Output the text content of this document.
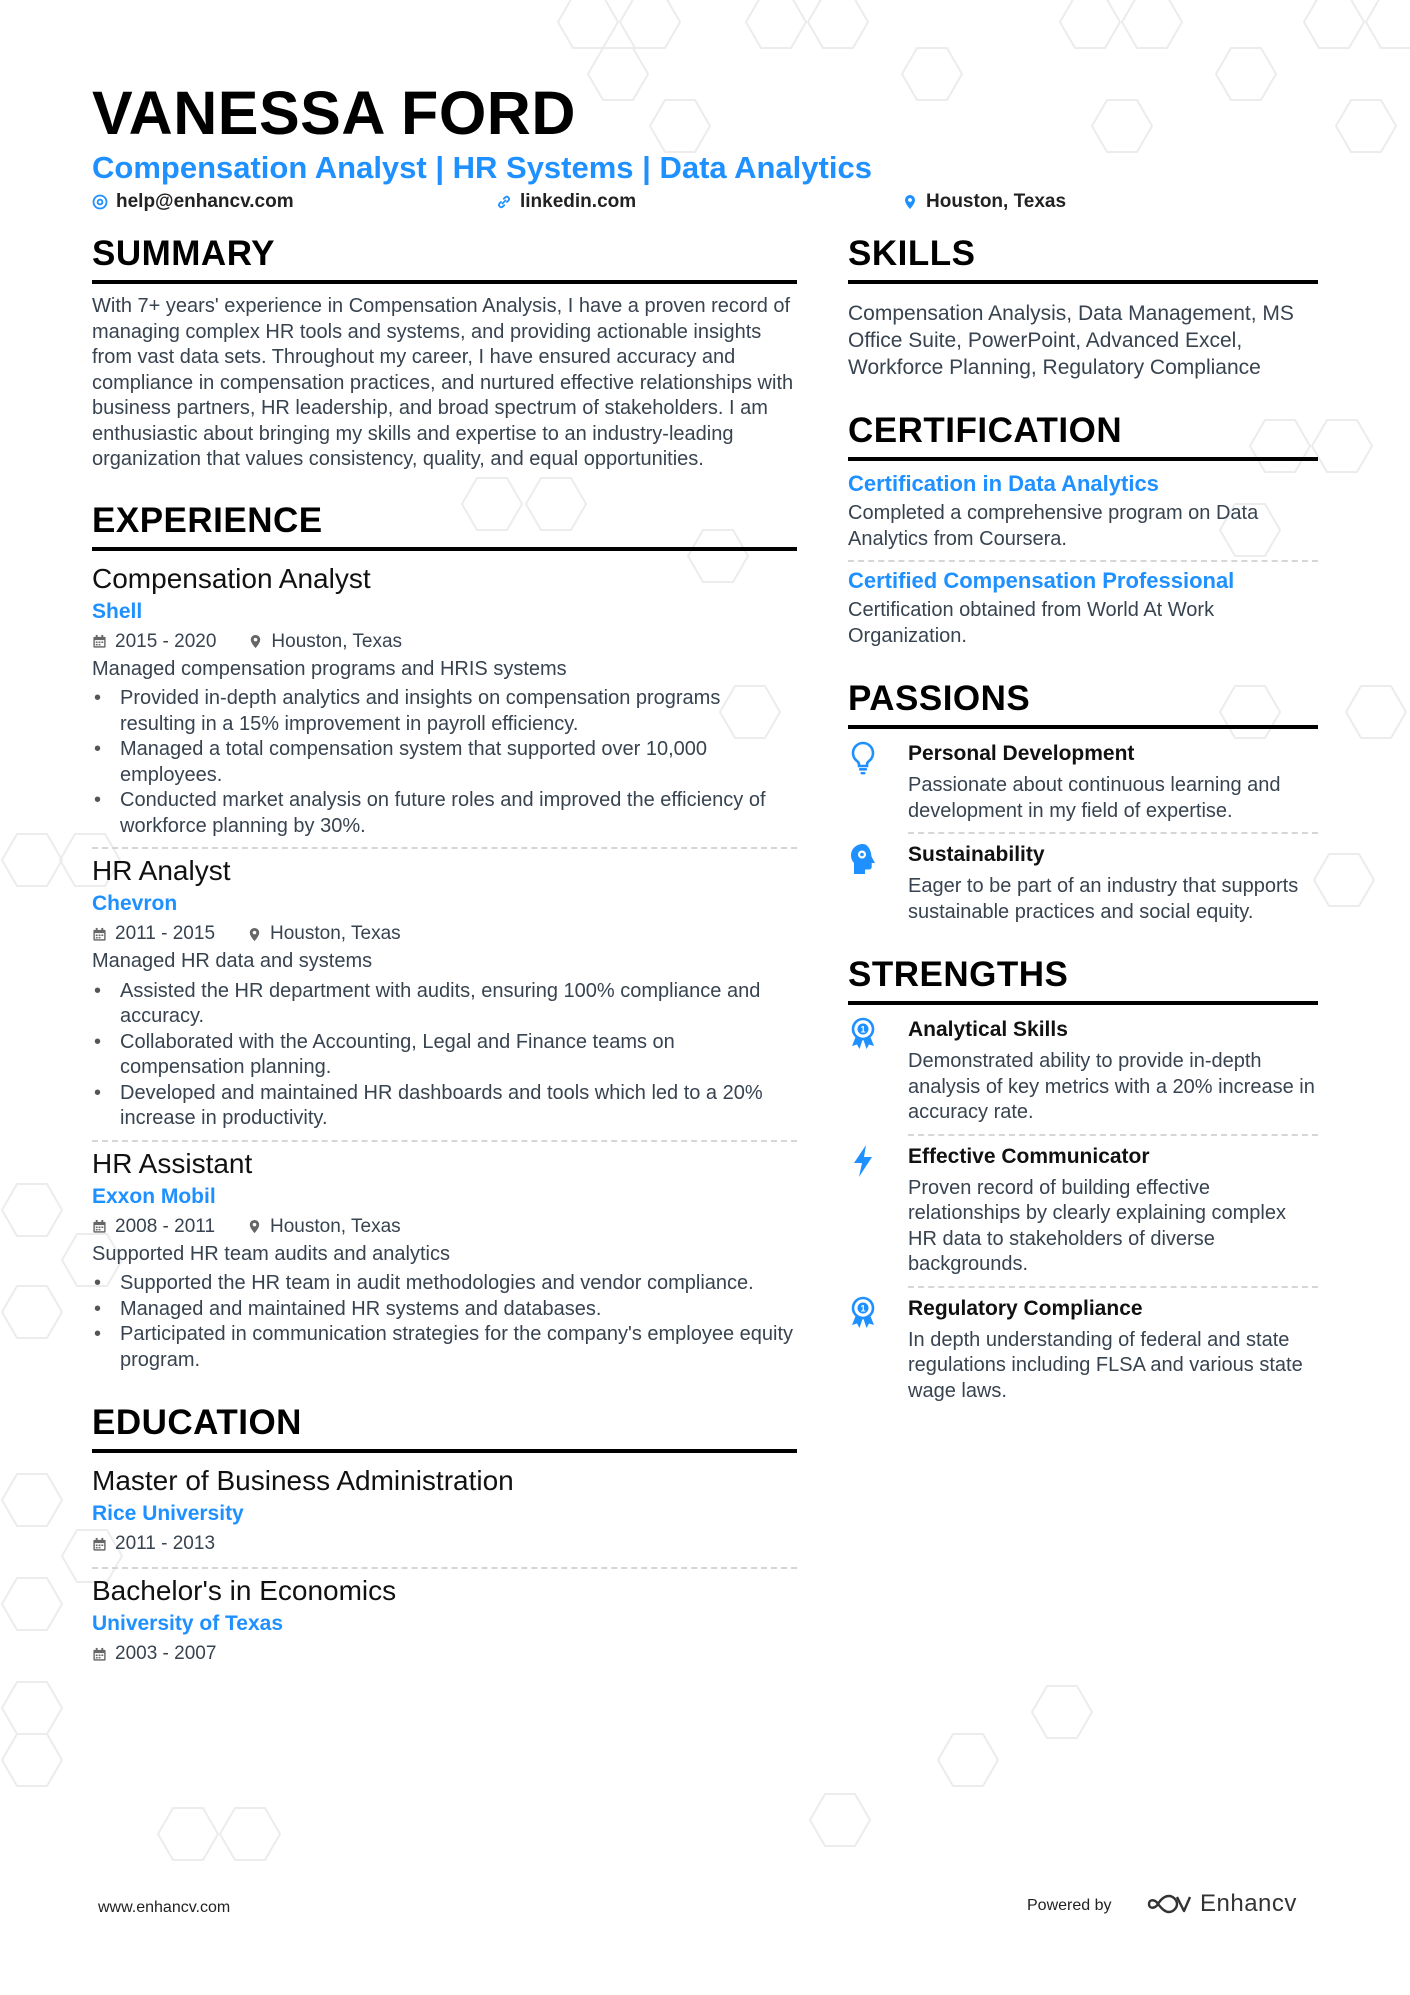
VANESSA FORD
Compensation Analyst | HR Systems | Data Analytics
help@enhancv.com	linkedin.com	Houston, Texas
SUMMARY
With 7+ years' experience in Compensation Analysis, I have a proven record of managing complex HR tools and systems, and providing actionable insights from vast data sets. Throughout my career, I have ensured accuracy and compliance in compensation practices, and nurtured effective relationships with business partners, HR leadership, and broad spectrum of stakeholders. I am enthusiastic about bringing my skills and expertise to an industry-leading organization that values consistency, quality, and equal opportunities.
EXPERIENCE
Compensation Analyst
Shell
2015 - 2020	Houston, Texas
Managed compensation programs and HRIS systems
• Provided in-depth analytics and insights on compensation programs resulting in a 15% improvement in payroll efficiency.
• Managed a total compensation system that supported over 10,000 employees.
• Conducted market analysis on future roles and improved the efficiency of workforce planning by 30%.
HR Analyst
Chevron
2011 - 2015	Houston, Texas
Managed HR data and systems
• Assisted the HR department with audits, ensuring 100% compliance and accuracy.
• Collaborated with the Accounting, Legal and Finance teams on compensation planning.
• Developed and maintained HR dashboards and tools which led to a 20% increase in productivity.
HR Assistant
Exxon Mobil
2008 - 2011	Houston, Texas
Supported HR team audits and analytics
• Supported the HR team in audit methodologies and vendor compliance.
• Managed and maintained HR systems and databases.
• Participated in communication strategies for the company's employee equity program.
EDUCATION
Master of Business Administration
Rice University
2011 - 2013
Bachelor's in Economics
University of Texas
2003 - 2007
SKILLS
Compensation Analysis, Data Management, MS Office Suite, PowerPoint, Advanced Excel, Workforce Planning, Regulatory Compliance
CERTIFICATION
Certification in Data Analytics
Completed a comprehensive program on Data Analytics from Coursera.
Certified Compensation Professional
Certification obtained from World At Work Organization.
PASSIONS
Personal Development
Passionate about continuous learning and development in my field of expertise.
Sustainability
Eager to be part of an industry that supports sustainable practices and social equity.
STRENGTHS
1 Analytical Skills
Demonstrated ability to provide in-depth analysis of key metrics with a 20% increase in accuracy rate.
Effective Communicator
Proven record of building effective relationships by clearly explaining complex HR data to stakeholders of diverse backgrounds.
1 Regulatory Compliance
In depth understanding of federal and state regulations including FLSA and various state wage laws.
www.enhancv.com	Powered by	Enhancv
